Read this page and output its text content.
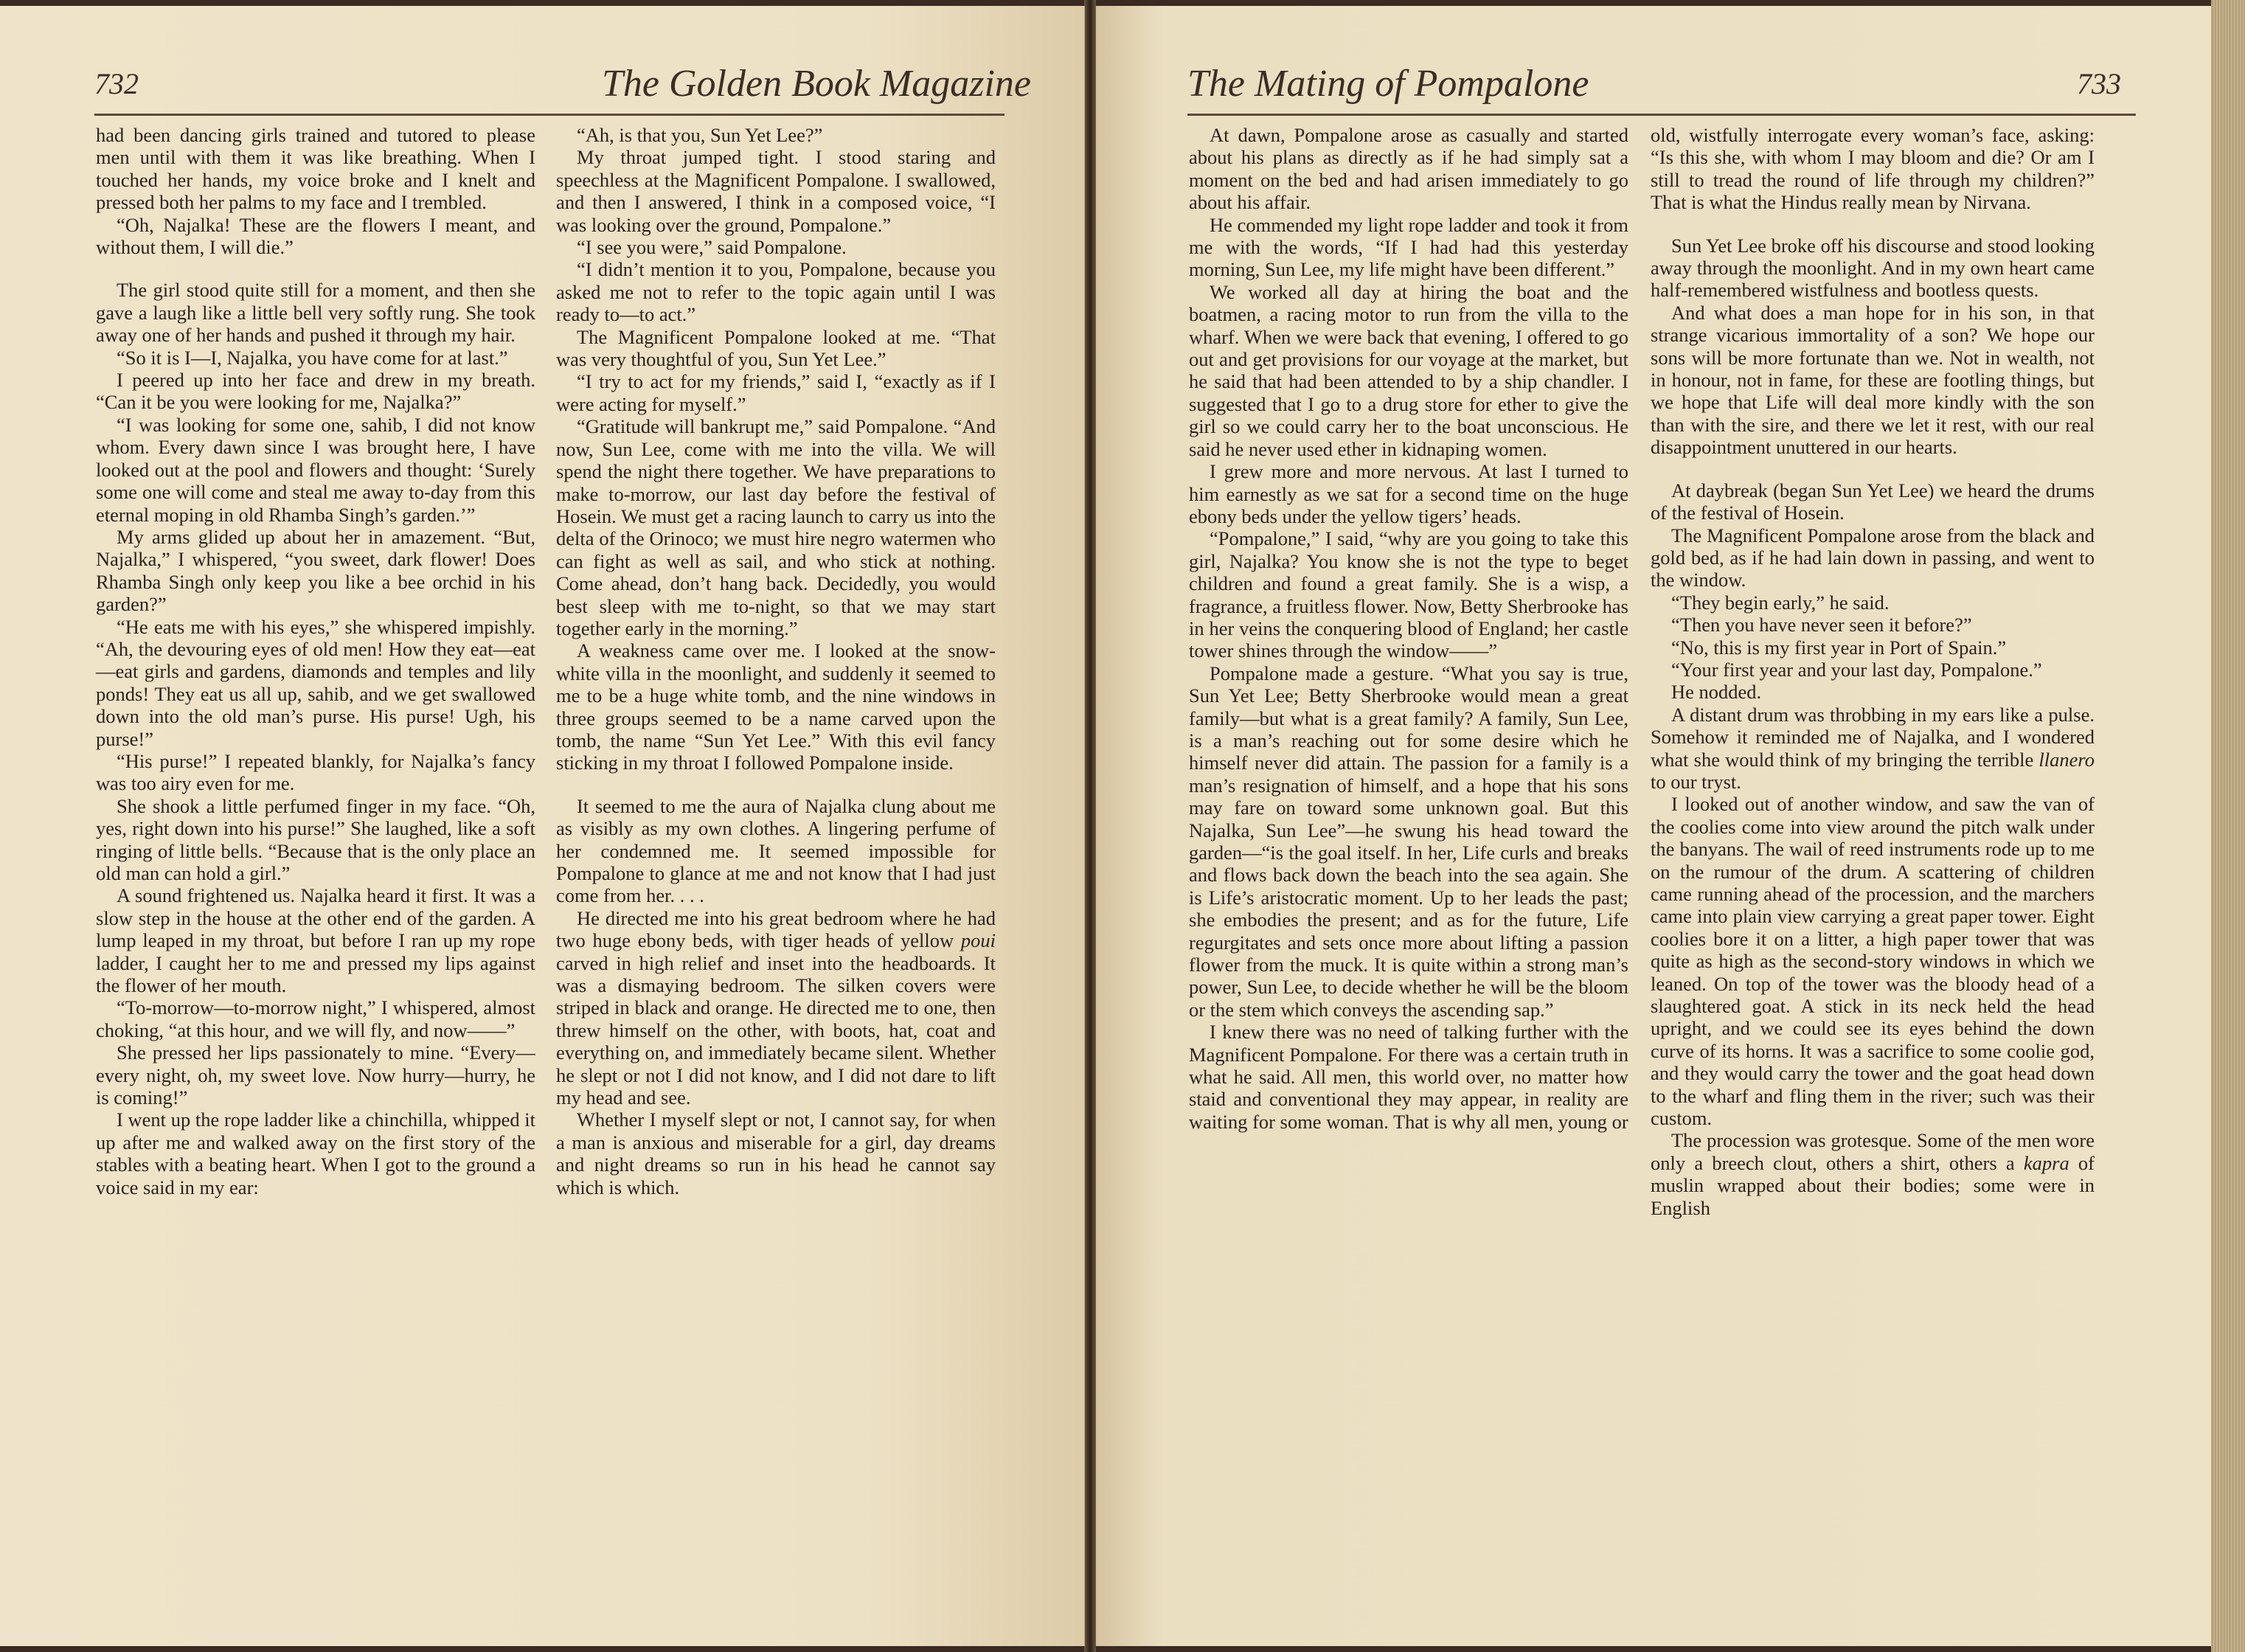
732	The Golden Book Magazine

had been dancing girls trained and tutored to please men until with them it was like breathing. When I touched her hands, my voice broke and I knelt and pressed both her palms to my face and I trembled.

“Oh, Najalka! These are the flowers I meant, and without them, I will die.”

The girl stood quite still for a moment, and then she gave a laugh like a little bell very softly rung. She took away one of her hands and pushed it through my hair.

“So it is I—I, Najalka, you have come for at last.”

I peered up into her face and drew in my breath. “Can it be you were looking for me, Najalka?”

“I was looking for some one, sahib, I did not know whom. Every dawn since I was brought here, I have looked out at the pool and flowers and thought: ‘Surely some one will come and steal me away to-day from this eternal moping in old Rhamba Singh’s garden.’”

My arms glided up about her in amazement. “But, Najalka,” I whispered, “you sweet, dark flower! Does Rhamba Singh only keep you like a bee orchid in his garden?”

“He eats me with his eyes,” she whispered impishly. “Ah, the devouring eyes of old men! How they eat—eat—eat girls and gardens, diamonds and temples and lily ponds! They eat us all up, sahib, and we get swallowed down into the old man’s purse. His purse! Ugh, his purse!”

“His purse!” I repeated blankly, for Najalka’s fancy was too airy even for me.

She shook a little perfumed finger in my face. “Oh, yes, right down into his purse!” She laughed, like a soft ringing of little bells. “Because that is the only place an old man can hold a girl.”

A sound frightened us. Najalka heard it first. It was a slow step in the house at the other end of the garden. A lump leaped in my throat, but before I ran up my rope ladder, I caught her to me and pressed my lips against the flower of her mouth.

“To-morrow—to-morrow night,” I whispered, almost choking, “at this hour, and we will fly, and now——”

She pressed her lips passionately to mine. “Every—every night, oh, my sweet love. Now hurry—hurry, he is coming!”

I went up the rope ladder like a chinchilla, whipped it up after me and walked away on the first story of the stables with a beating heart. When I got to the ground a voice said in my ear:

“Ah, is that you, Sun Yet Lee?”

My throat jumped tight. I stood staring and speechless at the Magnificent Pompalone. I swallowed, and then I answered, I think in a composed voice, “I was looking over the ground, Pompalone.”

“I see you were,” said Pompalone.

“I didn’t mention it to you, Pompalone, because you asked me not to refer to the topic again until I was ready to—to act.”

The Magnificent Pompalone looked at me. “That was very thoughtful of you, Sun Yet Lee.”

“I try to act for my friends,” said I, “exactly as if I were acting for myself.”

“Gratitude will bankrupt me,” said Pompalone. “And now, Sun Lee, come with me into the villa. We will spend the night there together. We have preparations to make to-morrow, our last day before the festival of Hosein. We must get a racing launch to carry us into the delta of the Orinoco; we must hire negro watermen who can fight as well as sail, and who stick at nothing. Come ahead, don’t hang back. Decidedly, you would best sleep with me to-night, so that we may start together early in the morning.”

A weakness came over me. I looked at the snow-white villa in the moonlight, and suddenly it seemed to me to be a huge white tomb, and the nine windows in three groups seemed to be a name carved upon the tomb, the name “Sun Yet Lee.” With this evil fancy sticking in my throat I followed Pompalone inside.

It seemed to me the aura of Najalka clung about me as visibly as my own clothes. A lingering perfume of her condemned me. It seemed impossible for Pompalone to glance at me and not know that I had just come from her. . . .

He directed me into his great bedroom where he had two huge ebony beds, with tiger heads of yellow poui carved in high relief and inset into the headboards. It was a dismaying bedroom. The silken covers were striped in black and orange. He directed me to one, then threw himself on the other, with boots, hat, coat and everything on, and immediately became silent. Whether he slept or not I did not know, and I did not dare to lift my head and see.

Whether I myself slept or not, I cannot say, for when a man is anxious and miserable for a girl, day dreams and night dreams so run in his head he cannot say which is which.

The Mating of Pompalone	733

At dawn, Pompalone arose as casually and started about his plans as directly as if he had simply sat a moment on the bed and had arisen immediately to go about his affair.

He commended my light rope ladder and took it from me with the words, “If I had had this yesterday morning, Sun Lee, my life might have been different.”

We worked all day at hiring the boat and the boatmen, a racing motor to run from the villa to the wharf. When we were back that evening, I offered to go out and get provisions for our voyage at the market, but he said that had been attended to by a ship chandler. I suggested that I go to a drug store for ether to give the girl so we could carry her to the boat unconscious. He said he never used ether in kidnaping women.

I grew more and more nervous. At last I turned to him earnestly as we sat for a second time on the huge ebony beds under the yellow tigers’ heads.

“Pompalone,” I said, “why are you going to take this girl, Najalka? You know she is not the type to beget children and found a great family. She is a wisp, a fragrance, a fruitless flower. Now, Betty Sherbrooke has in her veins the conquering blood of England; her castle tower shines through the window——”

Pompalone made a gesture. “What you say is true, Sun Yet Lee; Betty Sherbrooke would mean a great family—but what is a great family? A family, Sun Lee, is a man’s reaching out for some desire which he himself never did attain. The passion for a family is a man’s resignation of himself, and a hope that his sons may fare on toward some unknown goal. But this Najalka, Sun Lee”—he swung his head toward the garden—“is the goal itself. In her, Life curls and breaks and flows back down the beach into the sea again. She is Life’s aristocratic moment. Up to her leads the past; she embodies the present; and as for the future, Life regurgitates and sets once more about lifting a passion flower from the muck. It is quite within a strong man’s power, Sun Lee, to decide whether he will be the bloom or the stem which conveys the ascending sap.”

I knew there was no need of talking further with the Magnificent Pompalone. For there was a certain truth in what he said. All men, this world over, no matter how staid and conventional they may appear, in reality are waiting for some woman. That is why all men, young or

old, wistfully interrogate every woman’s face, asking: “Is this she, with whom I may bloom and die? Or am I still to tread the round of life through my children?” That is what the Hindus really mean by Nirvana.

Sun Yet Lee broke off his discourse and stood looking away through the moonlight. And in my own heart came half-remembered wistfulness and bootless quests.

And what does a man hope for in his son, in that strange vicarious immortality of a son? We hope our sons will be more fortunate than we. Not in wealth, not in honour, not in fame, for these are footling things, but we hope that Life will deal more kindly with the son than with the sire, and there we let it rest, with our real disappointment unuttered in our hearts.

At daybreak (began Sun Yet Lee) we heard the drums of the festival of Hosein.

The Magnificent Pompalone arose from the black and gold bed, as if he had lain down in passing, and went to the window.

“They begin early,” he said.

“Then you have never seen it before?”

“No, this is my first year in Port of Spain.”

“Your first year and your last day, Pompalone.”

He nodded.

A distant drum was throbbing in my ears like a pulse. Somehow it reminded me of Najalka, and I wondered what she would think of my bringing the terrible llanero to our tryst.

I looked out of another window, and saw the van of the coolies come into view around the pitch walk under the banyans. The wail of reed instruments rode up to me on the rumour of the drum. A scattering of children came running ahead of the procession, and the marchers came into plain view carrying a great paper tower. Eight coolies bore it on a litter, a high paper tower that was quite as high as the second-story windows in which we leaned. On top of the tower was the bloody head of a slaughtered goat. A stick in its neck held the head upright, and we could see its eyes behind the down curve of its horns. It was a sacrifice to some coolie god, and they would carry the tower and the goat head down to the wharf and fling them in the river; such was their custom.

The procession was grotesque. Some of the men wore only a breech clout, others a shirt, others a kapra of muslin wrapped about their bodies; some were in English
